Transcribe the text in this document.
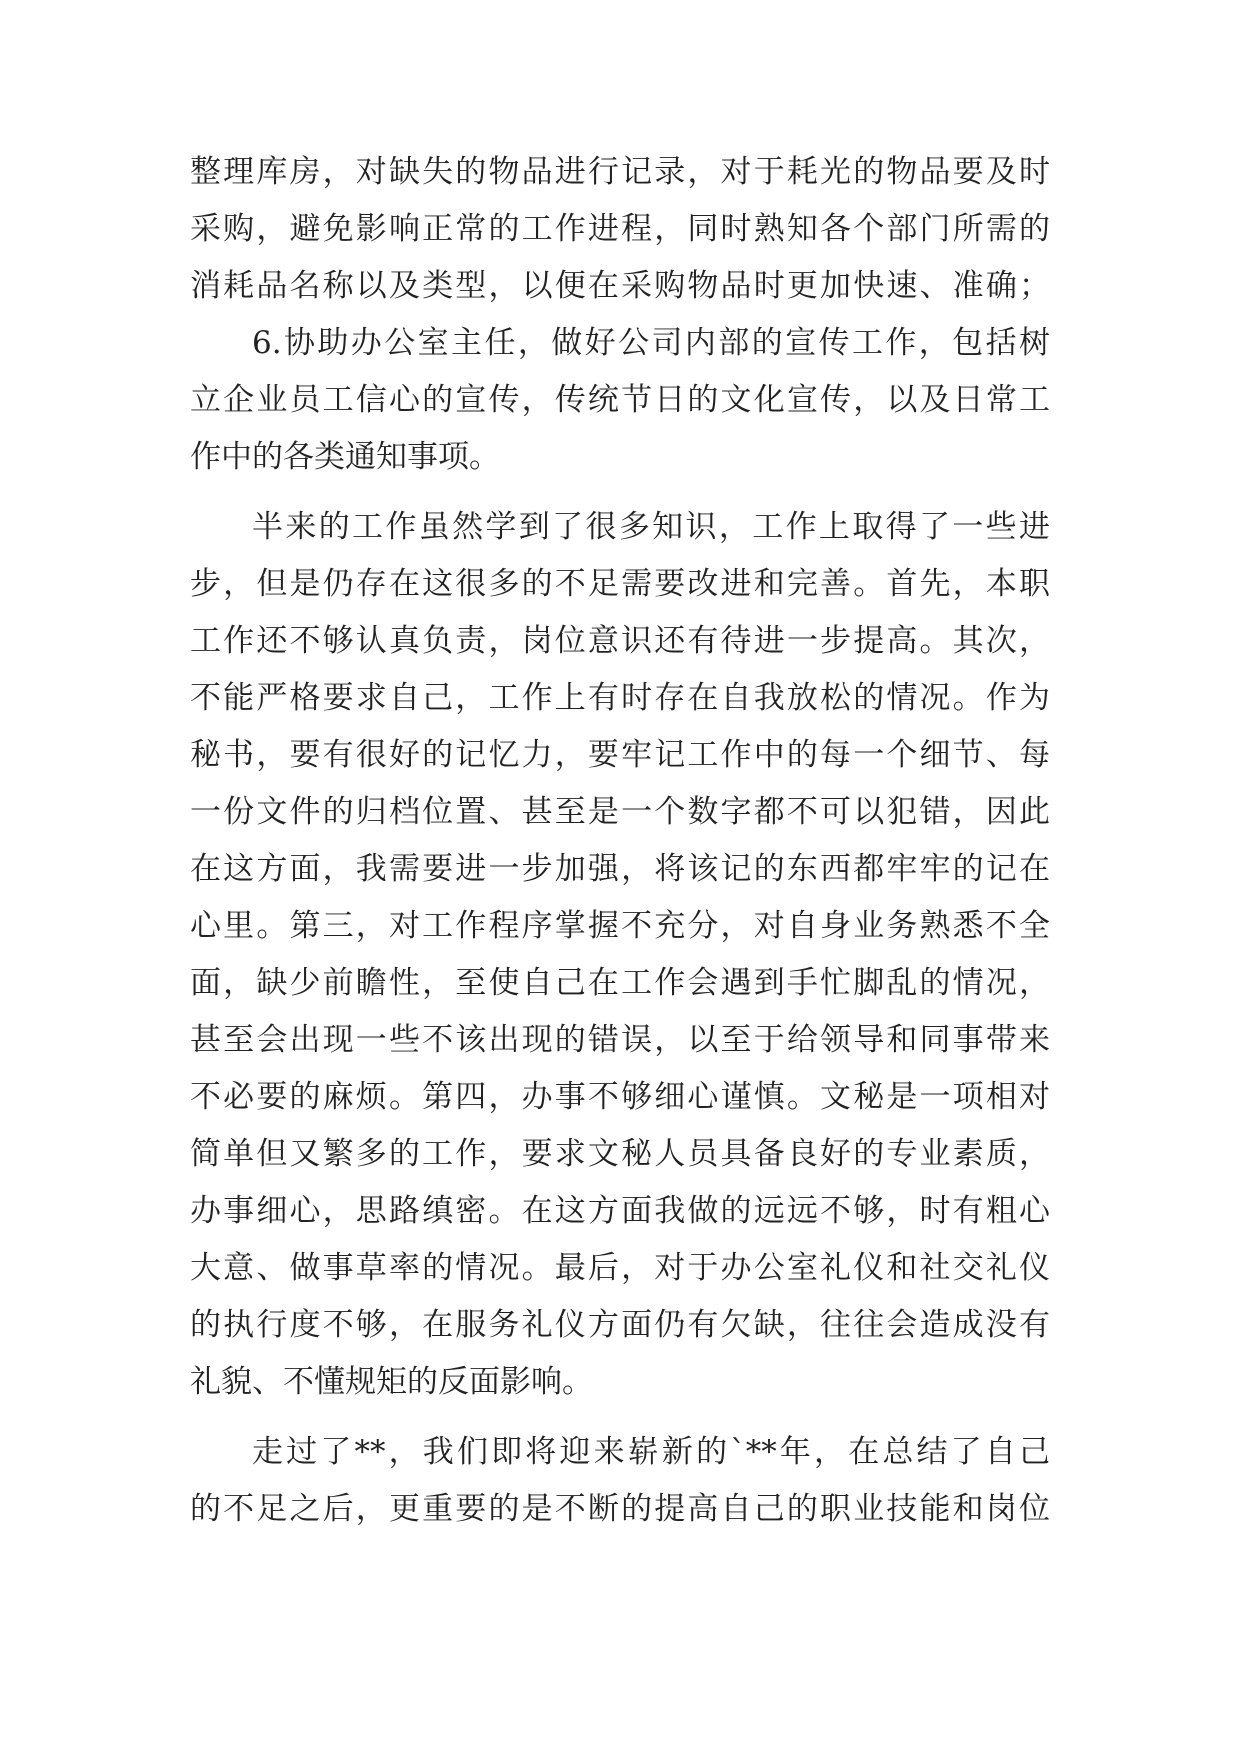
整理库房，对缺失的物品进行记录，对于耗光的物品要及时
采购，避免影响正常的工作进程，同时熟知各个部门所需的
消耗品名称以及类型，以便在采购物品时更加快速、准确；
6.协助办公室主任，做好公司内部的宣传工作，包括树
立企业员工信心的宣传，传统节日的文化宣传，以及日常工
作中的各类通知事项。
半来的工作虽然学到了很多知识，工作上取得了一些进
步，但是仍存在这很多的不足需要改进和完善。首先，本职
工作还不够认真负责，岗位意识还有待进一步提高。其次，
不能严格要求自己，工作上有时存在自我放松的情况。作为
秘书，要有很好的记忆力，要牢记工作中的每一个细节、每
一份文件的归档位置、甚至是一个数字都不可以犯错，因此
在这方面，我需要进一步加强，将该记的东西都牢牢的记在
心里。第三，对工作程序掌握不充分，对自身业务熟悉不全
面，缺少前瞻性，至使自己在工作会遇到手忙脚乱的情况，
甚至会出现一些不该出现的错误，以至于给领导和同事带来
不必要的麻烦。第四，办事不够细心谨慎。文秘是一项相对
简单但又繁多的工作，要求文秘人员具备良好的专业素质，
办事细心，思路缜密。在这方面我做的远远不够，时有粗心
大意、做事草率的情况。最后，对于办公室礼仪和社交礼仪
的执行度不够，在服务礼仪方面仍有欠缺，往往会造成没有
礼貌、不懂规矩的反面影响。
走过了**，我们即将迎来崭新的`**年，在总结了自己
的不足之后，更重要的是不断的提高自己的职业技能和岗位
